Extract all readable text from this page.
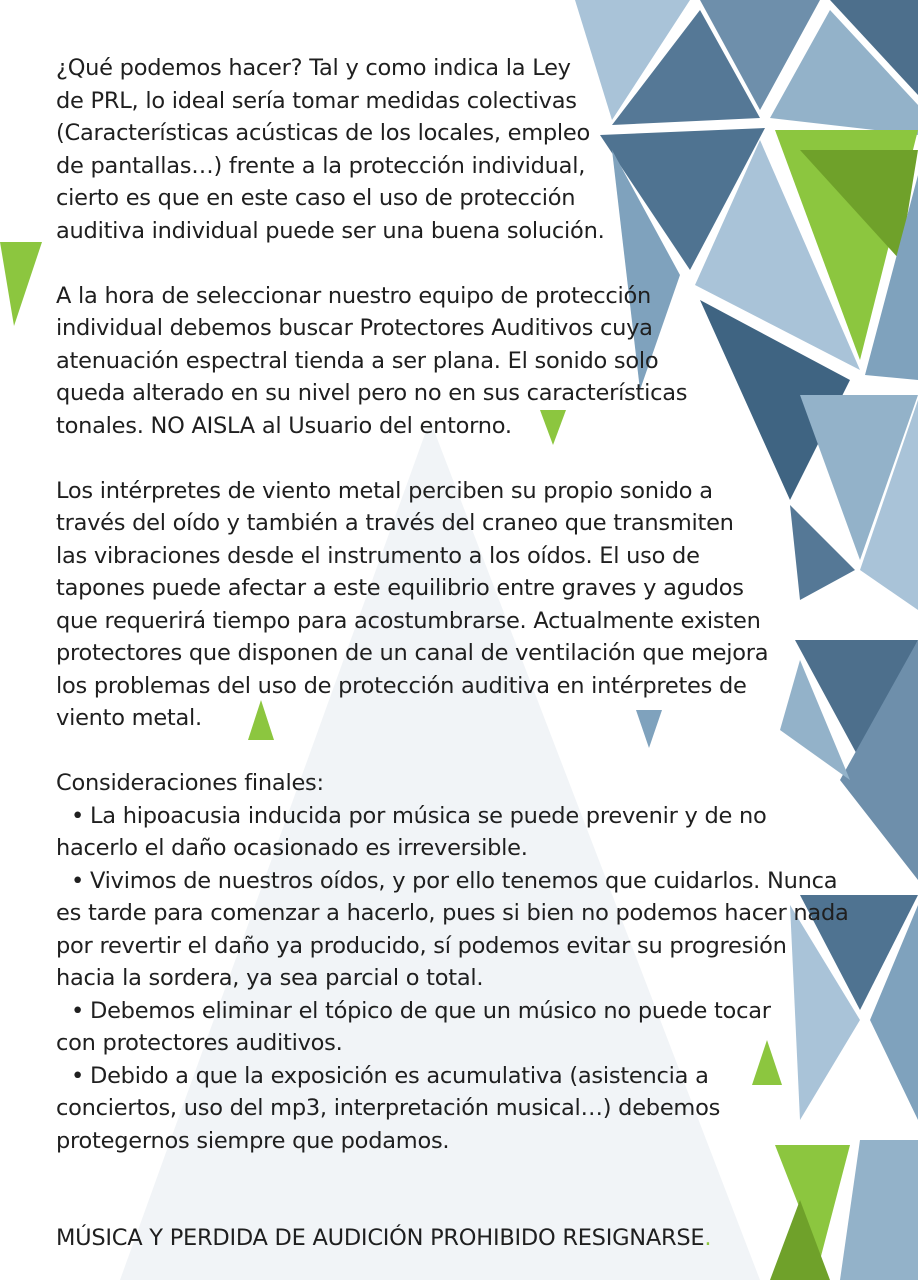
¿Qué podemos hacer? Tal y como indica la Ley
de PRL, lo ideal sería tomar medidas colectivas
(Características acústicas de los locales, empleo
de pantallas…) frente a la protección individual,
cierto es que en este caso el uso de protección
auditiva individual puede ser una buena solución.

A la hora de seleccionar nuestro equipo de protección
individual debemos buscar Protectores Auditivos cuya
atenuación espectral tienda a ser plana. El sonido solo
queda alterado en su nivel pero no en sus características
tonales. NO AISLA al Usuario del entorno.

Los intérpretes de viento metal perciben su propio sonido a
través del oído y también a través del craneo que transmiten
las vibraciones desde el instrumento a los oídos. El uso de
tapones puede afectar a este equilibrio entre graves y agudos
que requerirá tiempo para acostumbrarse. Actualmente existen
protectores que disponen de un canal de ventilación que mejora
los problemas del uso de protección auditiva en intérpretes de
viento metal.

Consideraciones finales:

• La hipoacusia inducida por música se puede prevenir y de no
hacerlo el daño ocasionado es irreversible.
• Vivimos de nuestros oídos, y por ello tenemos que cuidarlos. Nunca
es tarde para comenzar a hacerlo, pues si bien no podemos hacer nada
por revertir el daño ya producido, sí podemos evitar su progresión
hacia la sordera, ya sea parcial o total.
• Debemos eliminar el tópico de que un músico no puede tocar
con protectores auditivos.
• Debido a que la exposición es acumulativa (asistencia a
conciertos, uso del mp3, interpretación musical…) debemos
protegernos siempre que podamos.

MÚSICA Y PERDIDA DE AUDICIÓN PROHIBIDO RESIGNARSE.
